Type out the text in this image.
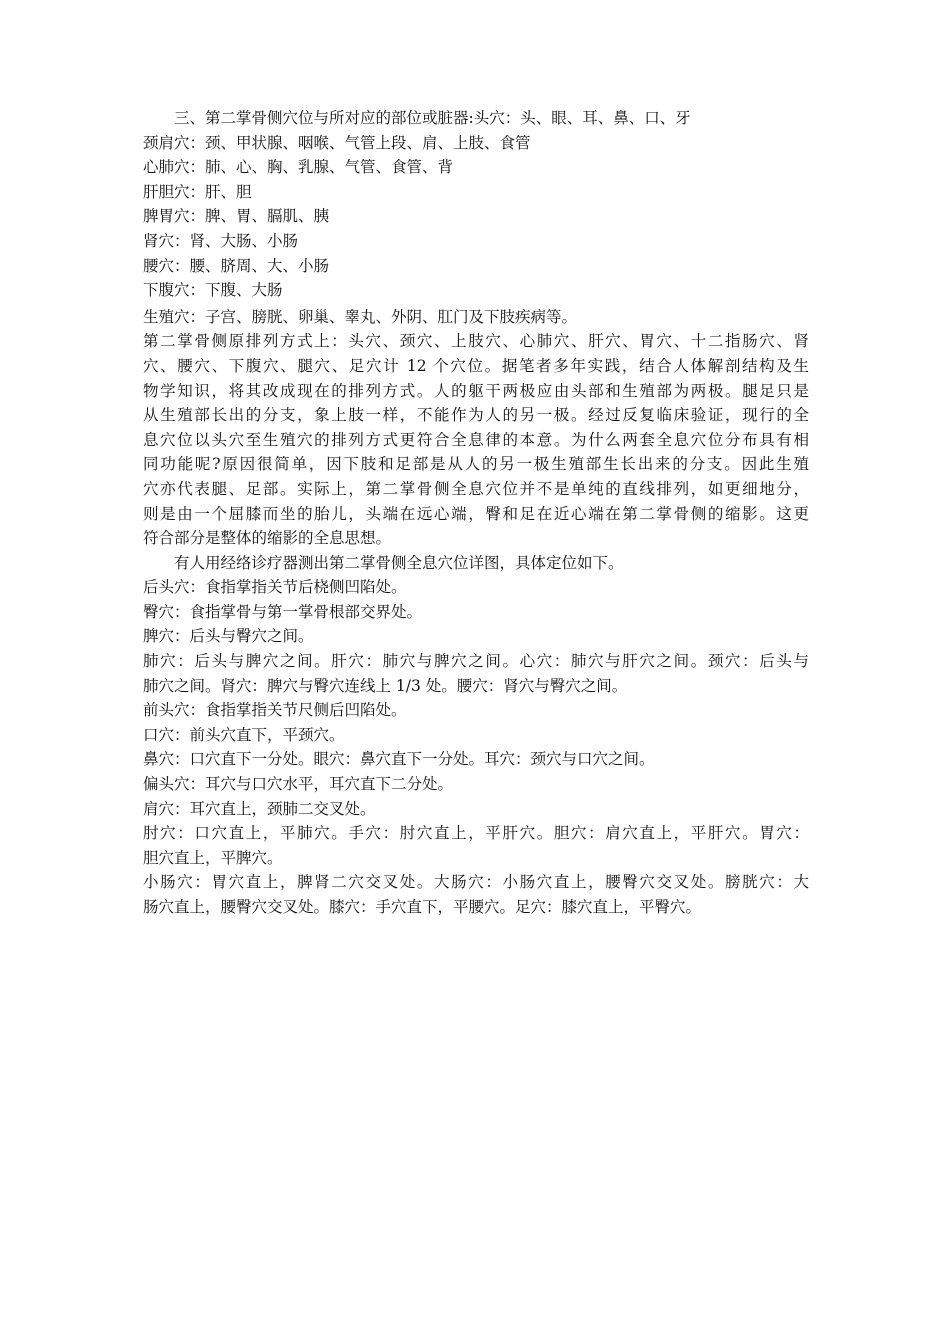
三、第二掌骨侧穴位与所对应的部位或脏器:头穴：头、眼、耳、鼻、口、牙
颈肩穴：颈、甲状腺、咽喉、气管上段、肩、上肢、食管
心肺穴：肺、心、胸、乳腺、气管、食管、背
肝胆穴：肝、胆
脾胃穴：脾、胃、膈肌、胰
肾穴：肾、大肠、小肠
腰穴：腰、脐周、大、小肠
下腹穴：下腹、大肠
生殖穴：子宫、膀胱、卵巢、睾丸、外阴、肛门及下肢疾病等。
第二掌骨侧原排列方式上：头穴、颈穴、上肢穴、心肺穴、肝穴、胃穴、十二指肠穴、肾
穴、腰穴、下腹穴、腿穴、足穴计 12 个穴位。据笔者多年实践，结合人体解剖结构及生
物学知识，将其改成现在的排列方式。人的躯干两极应由头部和生殖部为两极。腿足只是
从生殖部长出的分支，象上肢一样，不能作为人的另一极。经过反复临床验证，现行的全
息穴位以头穴至生殖穴的排列方式更符合全息律的本意。为什么两套全息穴位分布具有相
同功能呢?原因很简单，因下肢和足部是从人的另一极生殖部生长出来的分支。因此生殖
穴亦代表腿、足部。实际上，第二掌骨侧全息穴位并不是单纯的直线排列，如更细地分，
则是由一个屈膝而坐的胎儿，头端在远心端，臀和足在近心端在第二掌骨侧的缩影。这更
符合部分是整体的缩影的全息思想。
有人用经络诊疗器测出第二掌骨侧全息穴位详图，具体定位如下。
后头穴：食指掌指关节后桡侧凹陷处。
臀穴：食指掌骨与第一掌骨根部交界处。
脾穴：后头与臀穴之间。
肺穴：后头与脾穴之间。肝穴：肺穴与脾穴之间。心穴：肺穴与肝穴之间。颈穴：后头与
肺穴之间。肾穴：脾穴与臀穴连线上 1/3 处。腰穴：肾穴与臀穴之间。
前头穴：食指掌指关节尺侧后凹陷处。
口穴：前头穴直下，平颈穴。
鼻穴：口穴直下一分处。眼穴：鼻穴直下一分处。耳穴：颈穴与口穴之间。
偏头穴：耳穴与口穴水平，耳穴直下二分处。
肩穴：耳穴直上，颈肺二交叉处。
肘穴：口穴直上，平肺穴。手穴：肘穴直上，平肝穴。胆穴：肩穴直上，平肝穴。胃穴：
胆穴直上，平脾穴。
小肠穴：胃穴直上，脾肾二穴交叉处。大肠穴：小肠穴直上，腰臀穴交叉处。膀胱穴：大
肠穴直上，腰臀穴交叉处。膝穴：手穴直下，平腰穴。足穴：膝穴直上，平臀穴。
